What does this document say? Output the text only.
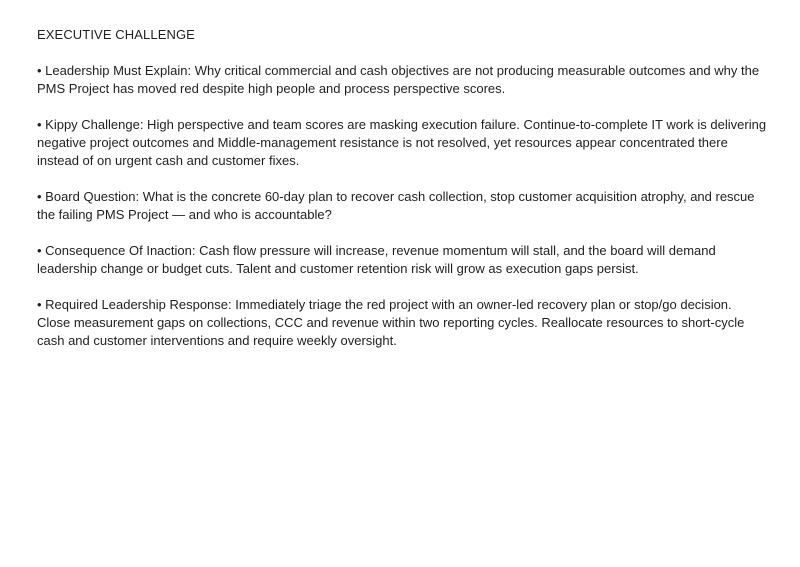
EXECUTIVE CHALLENGE
• Leadership Must Explain: Why critical commercial and cash objectives are not producing measurable outcomes and why the PMS Project has moved red despite high people and process perspective scores.
• Kippy Challenge: High perspective and team scores are masking execution failure. Continue-to-complete IT work is delivering negative project outcomes and Middle-management resistance is not resolved, yet resources appear concentrated there instead of on urgent cash and customer fixes.
• Board Question: What is the concrete 60-day plan to recover cash collection, stop customer acquisition atrophy, and rescue the failing PMS Project — and who is accountable?
• Consequence Of Inaction: Cash flow pressure will increase, revenue momentum will stall, and the board will demand leadership change or budget cuts. Talent and customer retention risk will grow as execution gaps persist.
• Required Leadership Response: Immediately triage the red project with an owner-led recovery plan or stop/go decision. Close measurement gaps on collections, CCC and revenue within two reporting cycles. Reallocate resources to short-cycle cash and customer interventions and require weekly oversight.
